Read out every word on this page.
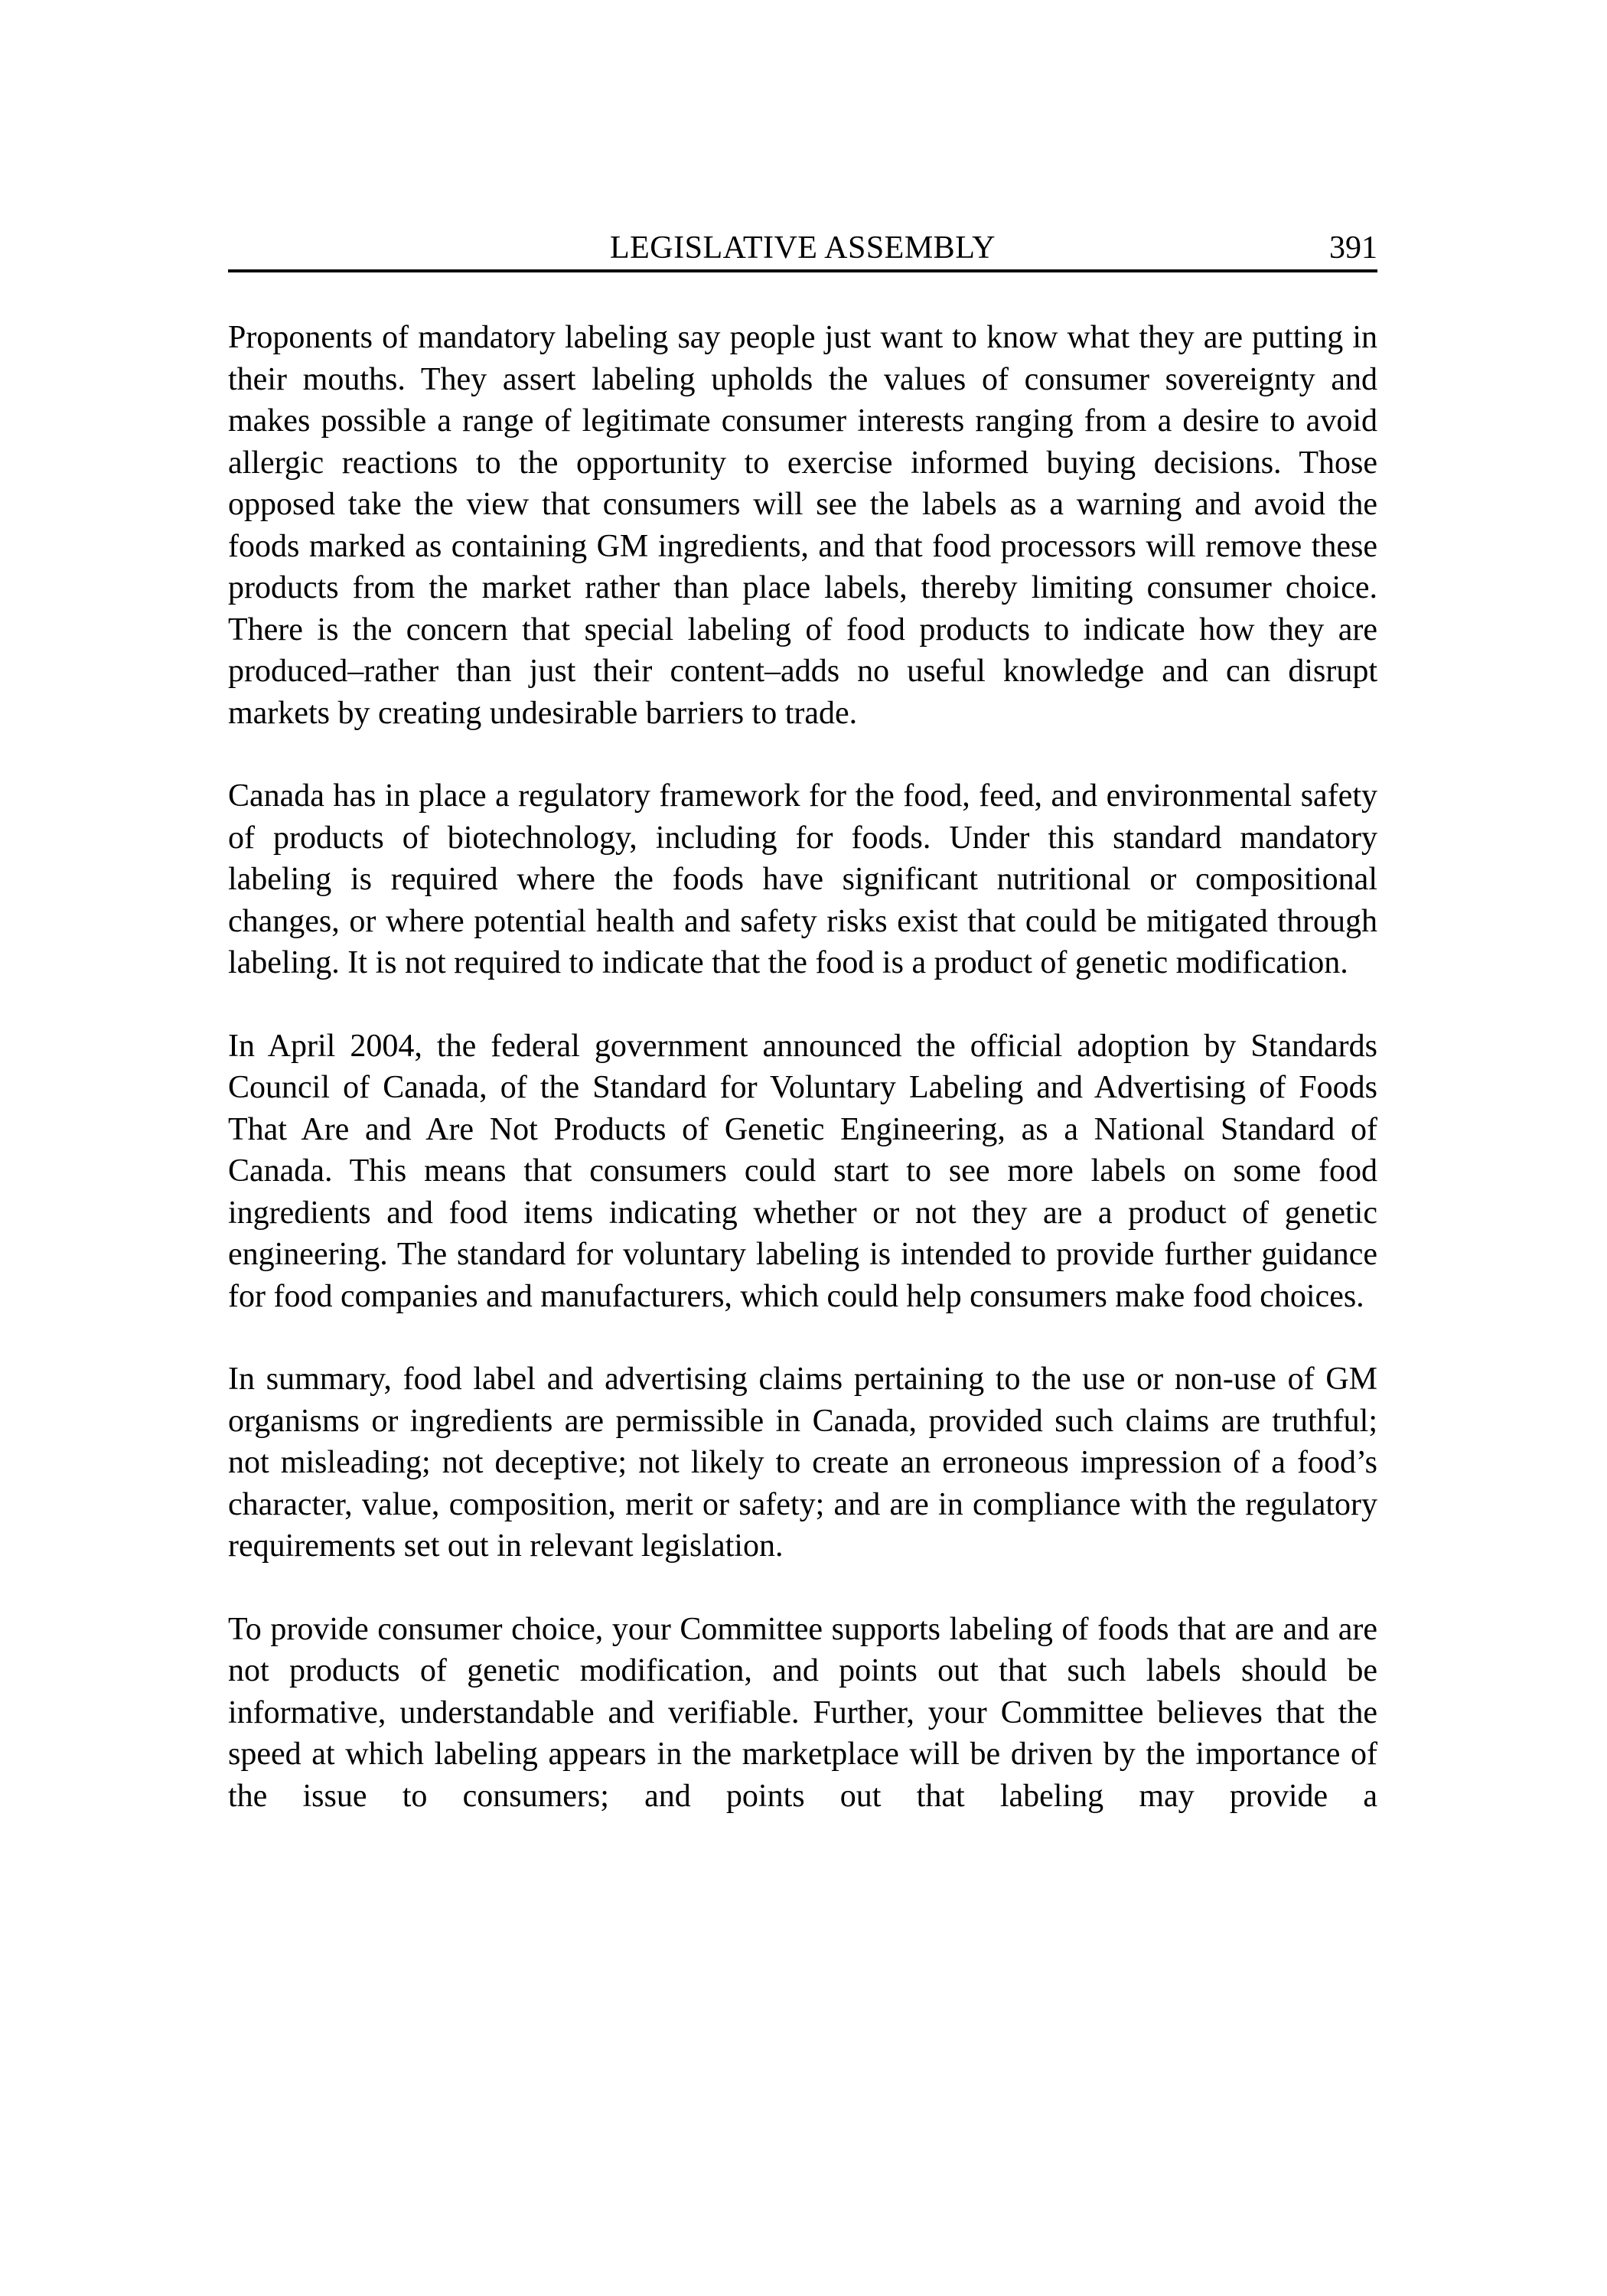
LEGISLATIVE ASSEMBLY	391

Proponents of mandatory labeling say people just want to know what they are putting in their mouths. They assert labeling upholds the values of consumer sovereignty and makes possible a range of legitimate consumer interests ranging from a desire to avoid allergic reactions to the opportunity to exercise informed buying decisions. Those opposed take the view that consumers will see the labels as a warning and avoid the foods marked as containing GM ingredients, and that food processors will remove these products from the market rather than place labels, thereby limiting consumer choice. There is the concern that special labeling of food products to indicate how they are produced–rather than just their content–adds no useful knowledge and can disrupt markets by creating undesirable barriers to trade.

Canada has in place a regulatory framework for the food, feed, and environmental safety of products of biotechnology, including for foods. Under this standard mandatory labeling is required where the foods have significant nutritional or compositional changes, or where potential health and safety risks exist that could be mitigated through labeling. It is not required to indicate that the food is a product of genetic modification.

In April 2004, the federal government announced the official adoption by Standards Council of Canada, of the Standard for Voluntary Labeling and Advertising of Foods That Are and Are Not Products of Genetic Engineering, as a National Standard of Canada. This means that consumers could start to see more labels on some food ingredients and food items indicating whether or not they are a product of genetic engineering. The standard for voluntary labeling is intended to provide further guidance for food companies and manufacturers, which could help consumers make food choices.

In summary, food label and advertising claims pertaining to the use or non-use of GM organisms or ingredients are permissible in Canada, provided such claims are truthful; not misleading; not deceptive; not likely to create an erroneous impression of a food’s character, value, composition, merit or safety; and are in compliance with the regulatory requirements set out in relevant legislation.

To provide consumer choice, your Committee supports labeling of foods that are and are not products of genetic modification, and points out that such labels should be informative, understandable and verifiable. Further, your Committee believes that the speed at which labeling appears in the marketplace will be driven by the importance of the issue to consumers; and points out that labeling may provide a
